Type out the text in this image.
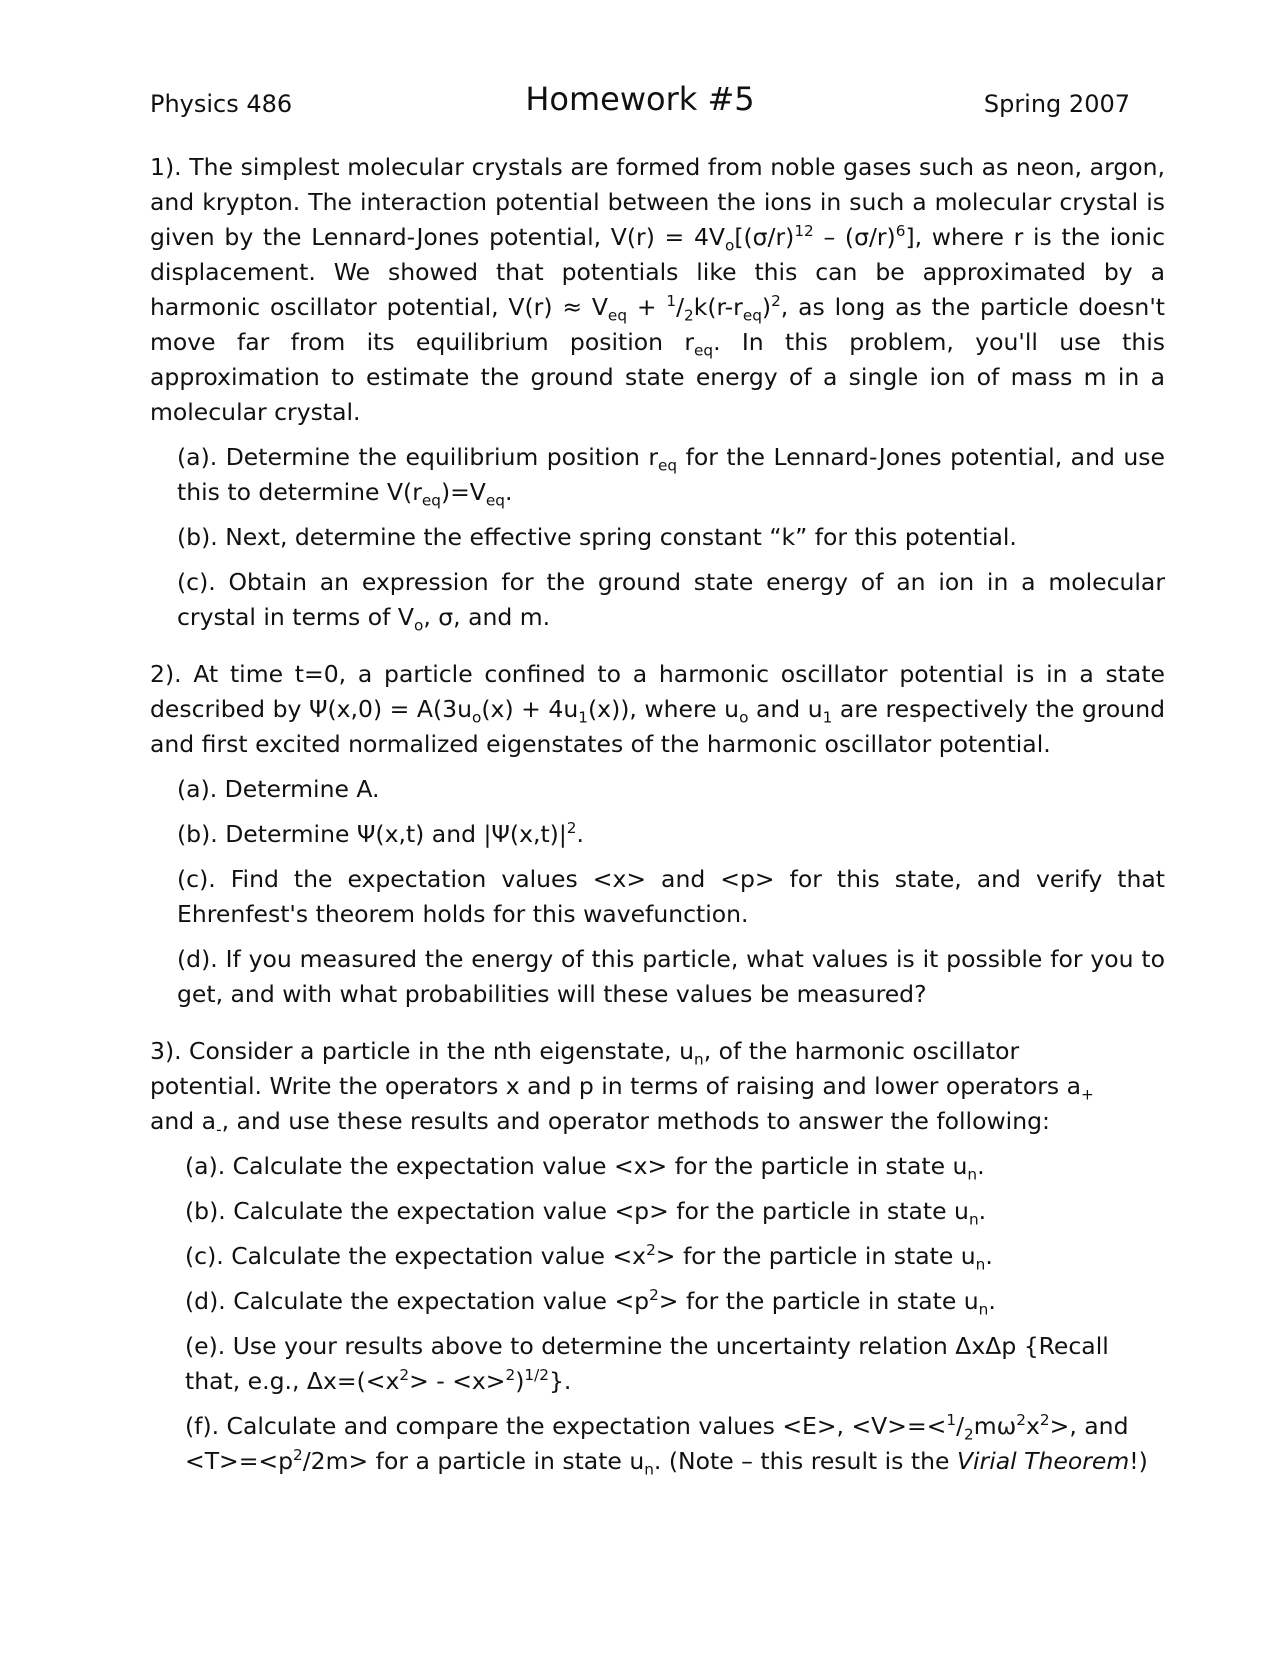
Physics 486	Homework #5	Spring 2007

1). The simplest molecular crystals are formed from noble gases such as neon, argon, and krypton. The interaction potential between the ions in such a molecular crystal is given by the Lennard-Jones potential, $V(r) = 4V_o[(\sigma/r)^{12} - (\sigma/r)^6]$, where r is the ionic displacement. We showed that potentials like this can be approximated by a harmonic oscillator potential, $V(r) \approx V_{eq} + ^1/_2k(r-r_{eq})^2$, as long as the particle doesn't move far from its equilibrium position $r_{eq}$. In this problem, you'll use this approximation to estimate the ground state energy of a single ion of mass m in a molecular crystal.

(a). Determine the equilibrium position $r_{eq}$ for the Lennard-Jones potential, and use this to determine $V(r_{eq})=V_{eq}$.

(b). Next, determine the effective spring constant “k” for this potential.

(c). Obtain an expression for the ground state energy of an ion in a molecular crystal in terms of $V_o$, σ, and m.

2). At time t=0, a particle confined to a harmonic oscillator potential is in a state described by $\Psi(x,0) = A(3u_o(x) + 4u_1(x))$, where $u_o$ and $u_1$ are respectively the ground and first excited normalized eigenstates of the harmonic oscillator potential.

(a). Determine A.

(b). Determine Ψ(x,t) and $|\Psi(x,t)|^2$.

(c). Find the expectation values <x> and <p> for this state, and verify that Ehrenfest's theorem holds for this wavefunction.

(d). If you measured the energy of this particle, what values is it possible for you to get, and with what probabilities will these values be measured?

3). Consider a particle in the nth eigenstate, $u_n$, of the harmonic oscillator
potential. Write the operators x and p in terms of raising and lower operators $a_+$
and $a_-$, and use these results and operator methods to answer the following:

(a). Calculate the expectation value <x> for the particle in state $u_n$.

(b). Calculate the expectation value <p> for the particle in state $u_n$.

(c). Calculate the expectation value $<x^2>$ for the particle in state $u_n$.

(d). Calculate the expectation value $<p^2>$ for the particle in state $u_n$.

(e). Use your results above to determine the uncertainty relation ΔxΔp {Recall that, e.g., $\Delta x=(<x^2> - <x>^2)^{1/2}$}.

(f). Calculate and compare the expectation values <E>, $<V>=<^1/_2m\omega^2x^2>$, and
$<T>=<p^2/2m>$ for a particle in state $u_n$. (Note – this result is the Virial Theorem!)
